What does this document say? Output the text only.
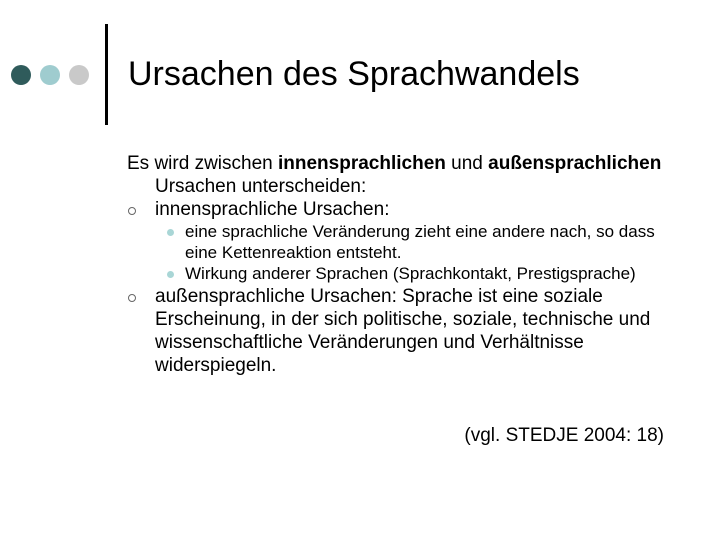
Ursachen des Sprachwandels

Es wird zwischen innensprachlichen und außensprachlichen Ursachen unterscheiden:

innensprachliche Ursachen:
eine sprachliche Veränderung zieht eine andere nach, so dass eine Kettenreaktion entsteht.
Wirkung anderer Sprachen (Sprachkontakt, Prestigsprache)
außensprachliche Ursachen: Sprache ist eine soziale Erscheinung, in der sich politische, soziale, technische und wissenschaftliche Veränderungen und Verhältnisse widerspiegeln.
(vgl. STEDJE 2004: 18)
